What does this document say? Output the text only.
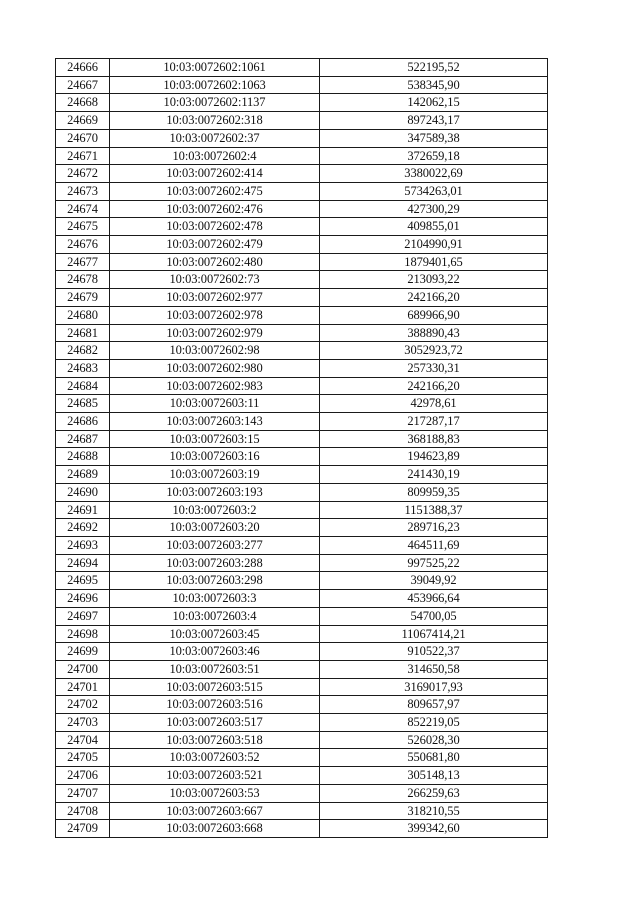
24666	10:03:0072602:1061	522195,52
24667	10:03:0072602:1063	538345,90
24668	10:03:0072602:1137	142062,15
24669	10:03:0072602:318	897243,17
24670	10:03:0072602:37	347589,38
24671	10:03:0072602:4	372659,18
24672	10:03:0072602:414	3380022,69
24673	10:03:0072602:475	5734263,01
24674	10:03:0072602:476	427300,29
24675	10:03:0072602:478	409855,01
24676	10:03:0072602:479	2104990,91
24677	10:03:0072602:480	1879401,65
24678	10:03:0072602:73	213093,22
24679	10:03:0072602:977	242166,20
24680	10:03:0072602:978	689966,90
24681	10:03:0072602:979	388890,43
24682	10:03:0072602:98	3052923,72
24683	10:03:0072602:980	257330,31
24684	10:03:0072602:983	242166,20
24685	10:03:0072603:11	42978,61
24686	10:03:0072603:143	217287,17
24687	10:03:0072603:15	368188,83
24688	10:03:0072603:16	194623,89
24689	10:03:0072603:19	241430,19
24690	10:03:0072603:193	809959,35
24691	10:03:0072603:2	1151388,37
24692	10:03:0072603:20	289716,23
24693	10:03:0072603:277	464511,69
24694	10:03:0072603:288	997525,22
24695	10:03:0072603:298	39049,92
24696	10:03:0072603:3	453966,64
24697	10:03:0072603:4	54700,05
24698	10:03:0072603:45	11067414,21
24699	10:03:0072603:46	910522,37
24700	10:03:0072603:51	314650,58
24701	10:03:0072603:515	3169017,93
24702	10:03:0072603:516	809657,97
24703	10:03:0072603:517	852219,05
24704	10:03:0072603:518	526028,30
24705	10:03:0072603:52	550681,80
24706	10:03:0072603:521	305148,13
24707	10:03:0072603:53	266259,63
24708	10:03:0072603:667	318210,55
24709	10:03:0072603:668	399342,60
